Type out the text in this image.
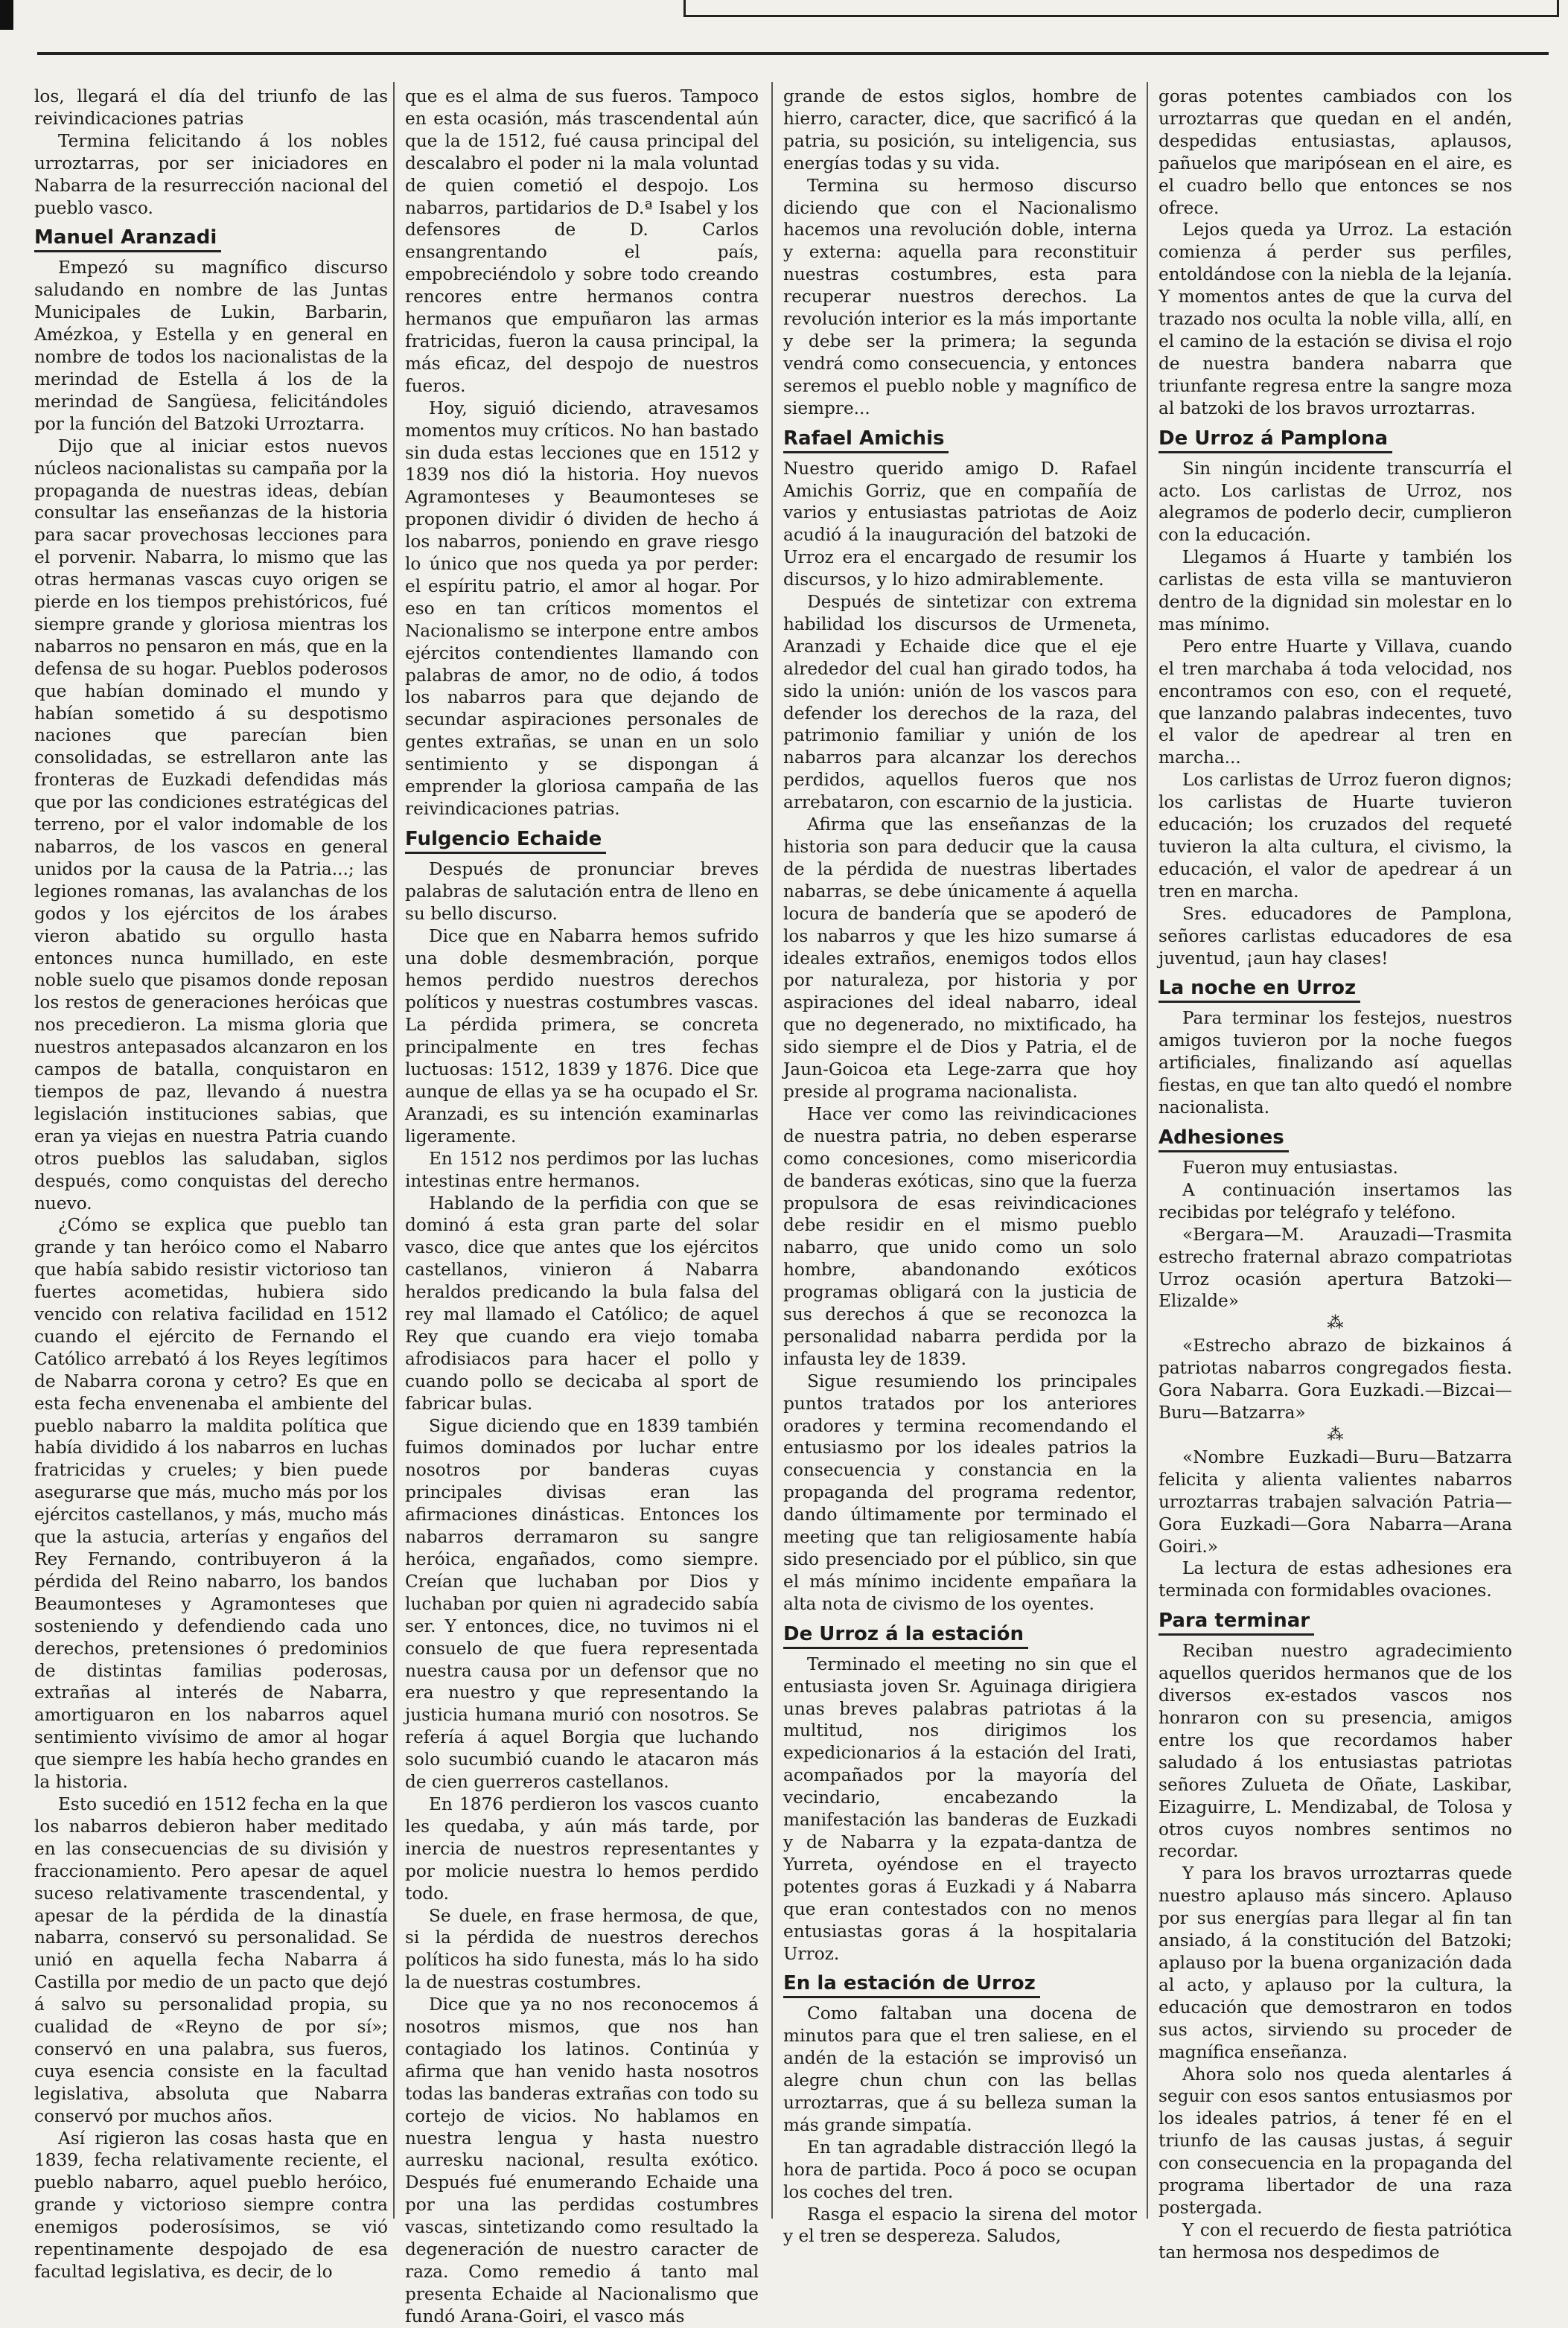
los, llegará el día del triunfo de las reivindicaciones patrias

Termina felicitando á los nobles urroztarras, por ser iniciadores en Nabarra de la resurrección nacional del pueblo vasco.

Manuel Aranzadi

Empezó su magnífico discurso saludando en nombre de las Juntas Municipales de Lukin, Barbarin, Amézkoa, y Estella y en general en nombre de todos los nacionalistas de la merindad de Estella á los de la merindad de Sangüesa, felicitándoles por la función del Batzoki Urroztarra.

Dijo que al iniciar estos nuevos núcleos nacionalistas su campaña por la propaganda de nuestras ideas, debían consultar las enseñanzas de la historia para sacar provechosas lecciones para el porvenir. Nabarra, lo mismo que las otras hermanas vascas cuyo origen se pierde en los tiempos prehistóricos, fué siempre grande y gloriosa mientras los nabarros no pensaron en más, que en la defensa de su hogar. Pueblos poderosos que habían dominado el mundo y habían sometido á su despotismo naciones que parecían bien consolidadas, se estrellaron ante las fronteras de Euzkadi defendidas más que por las condiciones estratégicas del terreno, por el valor indomable de los nabarros, de los vascos en general unidos por la causa de la Patria...; las legiones romanas, las avalanchas de los godos y los ejércitos de los árabes vieron abatido su orgullo hasta entonces nunca humillado, en este noble suelo que pisamos donde reposan los restos de generaciones heróicas que nos precedieron. La misma gloria que nuestros antepasados alcanzaron en los campos de batalla, conquistaron en tiempos de paz, llevando á nuestra legislación instituciones sabias, que eran ya viejas en nuestra Patria cuando otros pueblos las saludaban, siglos después, como conquistas del derecho nuevo.

¿Cómo se explica que pueblo tan grande y tan heróico como el Nabarro que había sabido resistir victorioso tan fuertes acometidas, hubiera sido vencido con relativa facilidad en 1512 cuando el ejército de Fernando el Católico arrebató á los Reyes legítimos de Nabarra corona y cetro? Es que en esta fecha envenenaba el ambiente del pueblo nabarro la maldita política que había dividido á los nabarros en luchas fratricidas y crueles; y bien puede asegurarse que más, mucho más por los ejércitos castellanos, y más, mucho más que la astucia, arterías y engaños del Rey Fernando, contribuyeron á la pérdida del Reino nabarro, los bandos Beaumonteses y Agramonteses que sosteniendo y defendiendo cada uno derechos, pretensiones ó predominios de distintas familias poderosas, extrañas al interés de Nabarra, amortiguaron en los nabarros aquel sentimiento vivísimo de amor al hogar que siempre les había hecho grandes en la historia.

Esto sucedió en 1512 fecha en la que los nabarros debieron haber meditado en las consecuencias de su división y fraccionamiento. Pero apesar de aquel suceso relativamente trascendental, y apesar de la pérdida de la dinastía nabarra, conservó su personalidad. Se unió en aquella fecha Nabarra á Castilla por medio de un pacto que dejó á salvo su personalidad propia, su cualidad de «Reyno de por sí»; conservó en una palabra, sus fueros, cuya esencia consiste en la facultad legislativa, absoluta que Nabarra conservó por muchos años.

Así rigieron las cosas hasta que en 1839, fecha relativamente reciente, el pueblo nabarro, aquel pueblo heróico, grande y victorioso siempre contra enemigos poderosísimos, se vió repentinamente despojado de esa facultad legislativa, es decir, de lo

que es el alma de sus fueros. Tampoco en esta ocasión, más trascendental aún que la de 1512, fué causa principal del descalabro el poder ni la mala voluntad de quien cometió el despojo. Los nabarros, partidarios de D.ª Isabel y los defensores de D. Carlos ensangrentando el país, empobreciéndolo y sobre todo creando rencores entre hermanos contra hermanos que empuñaron las armas fratricidas, fueron la causa principal, la más eficaz, del despojo de nuestros fueros.

Hoy, siguió diciendo, atravesamos momentos muy críticos. No han bastado sin duda estas lecciones que en 1512 y 1839 nos dió la historia. Hoy nuevos Agramonteses y Beaumonteses se proponen dividir ó dividen de hecho á los nabarros, poniendo en grave riesgo lo único que nos queda ya por perder: el espíritu patrio, el amor al hogar. Por eso en tan críticos momentos el Nacionalismo se interpone entre ambos ejércitos contendientes llamando con palabras de amor, no de odio, á todos los nabarros para que dejando de secundar aspiraciones personales de gentes extrañas, se unan en un solo sentimiento y se dispongan á emprender la gloriosa campaña de las reivindicaciones patrias.

Fulgencio Echaide

Después de pronunciar breves palabras de salutación entra de lleno en su bello discurso.

Dice que en Nabarra hemos sufrido una doble desmembración, porque hemos perdido nuestros derechos políticos y nuestras costumbres vascas. La pérdida primera, se concreta principalmente en tres fechas luctuosas: 1512, 1839 y 1876. Dice que aunque de ellas ya se ha ocupado el Sr. Aranzadi, es su intención examinarlas ligeramente.

En 1512 nos perdimos por las luchas intestinas entre hermanos.

Hablando de la perfidia con que se dominó á esta gran parte del solar vasco, dice que antes que los ejércitos castellanos, vinieron á Nabarra heraldos predicando la bula falsa del rey mal llamado el Católico; de aquel Rey que cuando era viejo tomaba afrodisiacos para hacer el pollo y cuando pollo se decicaba al sport de fabricar bulas.

Sigue diciendo que en 1839 también fuimos dominados por luchar entre nosotros por banderas cuyas principales divisas eran las afirmaciones dinásticas. Entonces los nabarros derramaron su sangre heróica, engañados, como siempre. Creían que luchaban por Dios y luchaban por quien ni agradecido sabía ser. Y entonces, dice, no tuvimos ni el consuelo de que fuera representada nuestra causa por un defensor que no era nuestro y que representando la justicia humana murió con nosotros. Se refería á aquel Borgia que luchando solo sucumbió cuando le atacaron más de cien guerreros castellanos.

En 1876 perdieron los vascos cuanto les quedaba, y aún más tarde, por inercia de nuestros representantes y por molicie nuestra lo hemos perdido todo.

Se duele, en frase hermosa, de que, si la pérdida de nuestros derechos políticos ha sido funesta, más lo ha sido la de nuestras costumbres.

Dice que ya no nos reconocemos á nosotros mismos, que nos han contagiado los latinos. Continúa y afirma que han venido hasta nosotros todas las banderas extrañas con todo su cortejo de vicios. No hablamos en nuestra lengua y hasta nuestro aurresku nacional, resulta exótico. Después fué enumerando Echaide una por una las perdidas costumbres vascas, sintetizando como resultado la degeneración de nuestro caracter de raza. Como remedio á tanto mal presenta Echaide al Nacionalismo que fundó Arana-Goiri, el vasco más

grande de estos siglos, hombre de hierro, caracter, dice, que sacrificó á la patria, su posición, su inteligencia, sus energías todas y su vida.

Termina su hermoso discurso diciendo que con el Nacionalismo hacemos una revolución doble, interna y externa: aquella para reconstituir nuestras costumbres, esta para recuperar nuestros derechos. La revolución interior es la más importante y debe ser la primera; la segunda vendrá como consecuencia, y entonces seremos el pueblo noble y magnífico de siempre...

Rafael Amichis

Nuestro querido amigo D. Rafael Amichis Gorriz, que en compañía de varios y entusiastas patriotas de Aoiz acudió á la inauguración del batzoki de Urroz era el encargado de resumir los discursos, y lo hizo admirablemente.

Después de sintetizar con extrema habilidad los discursos de Urmeneta, Aranzadi y Echaide dice que el eje alrededor del cual han girado todos, ha sido la unión: unión de los vascos para defender los derechos de la raza, del patrimonio familiar y unión de los nabarros para alcanzar los derechos perdidos, aquellos fueros que nos arrebataron, con escarnio de la justicia.

Afirma que las enseñanzas de la historia son para deducir que la causa de la pérdida de nuestras libertades nabarras, se debe únicamente á aquella locura de bandería que se apoderó de los nabarros y que les hizo sumarse á ideales extraños, enemigos todos ellos por naturaleza, por historia y por aspiraciones del ideal nabarro, ideal que no degenerado, no mixtificado, ha sido siempre el de Dios y Patria, el de Jaun-Goicoa eta Lege-zarra que hoy preside al programa nacionalista.

Hace ver como las reivindicaciones de nuestra patria, no deben esperarse como concesiones, como misericordia de banderas exóticas, sino que la fuerza propulsora de esas reivindicaciones debe residir en el mismo pueblo nabarro, que unido como un solo hombre, abandonando exóticos programas obligará con la justicia de sus derechos á que se reconozca la personalidad nabarra perdida por la infausta ley de 1839.

Sigue resumiendo los principales puntos tratados por los anteriores oradores y termina recomendando el entusiasmo por los ideales patrios la consecuencia y constancia en la propaganda del programa redentor, dando últimamente por terminado el meeting que tan religiosamente había sido presenciado por el público, sin que el más mínimo incidente empañara la alta nota de civismo de los oyentes.

De Urroz á la estación

Terminado el meeting no sin que el entusiasta joven Sr. Aguinaga dirigiera unas breves palabras patriotas á la multitud, nos dirigimos los expedicionarios á la estación del Irati, acompañados por la mayoría del vecindario, encabezando la manifestación las banderas de Euzkadi y de Nabarra y la ezpata-dantza de Yurreta, oyéndose en el trayecto potentes goras á Euzkadi y á Nabarra que eran contestados con no menos entusiastas goras á la hospitalaria Urroz.

En la estación de Urroz

Como faltaban una docena de minutos para que el tren saliese, en el andén de la estación se improvisó un alegre chun chun con las bellas urroztarras, que á su belleza suman la más grande simpatía.

En tan agradable distracción llegó la hora de partida. Poco á poco se ocupan los coches del tren.

Rasga el espacio la sirena del motor y el tren se despereza. Saludos,

goras potentes cambiados con los urroztarras que quedan en el andén, despedidas entusiastas, aplausos, pañuelos que maripósean en el aire, es el cuadro bello que entonces se nos ofrece.

Lejos queda ya Urroz. La estación comienza á perder sus perfiles, entoldándose con la niebla de la lejanía. Y momentos antes de que la curva del trazado nos oculta la noble villa, allí, en el camino de la estación se divisa el rojo de nuestra bandera nabarra que triunfante regresa entre la sangre moza al batzoki de los bravos urroztarras.

De Urroz á Pamplona

Sin ningún incidente transcurría el acto. Los carlistas de Urroz, nos alegramos de poderlo decir, cumplieron con la educación.

Llegamos á Huarte y también los carlistas de esta villa se mantuvieron dentro de la dignidad sin molestar en lo mas mínimo.

Pero entre Huarte y Villava, cuando el tren marchaba á toda velocidad, nos encontramos con eso, con el requeté, que lanzando palabras indecentes, tuvo el valor de apedrear al tren en marcha...

Los carlistas de Urroz fueron dignos; los carlistas de Huarte tuvieron educación; los cruzados del requeté tuvieron la alta cultura, el civismo, la educación, el valor de apedrear á un tren en marcha.

Sres. educadores de Pamplona, señores carlistas educadores de esa juventud, ¡aun hay clases!

La noche en Urroz

Para terminar los festejos, nuestros amigos tuvieron por la noche fuegos artificiales, finalizando así aquellas fiestas, en que tan alto quedó el nombre nacionalista.

Adhesiones

Fueron muy entusiastas.

A continuación insertamos las recibidas por telégrafo y teléfono.

«Bergara—M. Arauzadi—Trasmita estrecho fraternal abrazo compatriotas Urroz ocasión apertura Batzoki—Elizalde»

⁂

«Estrecho abrazo de bizkainos á patriotas nabarros congregados fiesta. Gora Nabarra. Gora Euzkadi.—Bizcai—Buru—Batzarra»

⁂

«Nombre Euzkadi—Buru—Batzarra felicita y alienta valientes nabarros urroztarras trabajen salvación Patria—Gora Euzkadi—Gora Nabarra—Arana Goiri.»

La lectura de estas adhesiones era terminada con formidables ovaciones.

Para terminar

Reciban nuestro agradecimiento aquellos queridos hermanos que de los diversos ex-estados vascos nos honraron con su presencia, amigos entre los que recordamos haber saludado á los entusiastas patriotas señores Zulueta de Oñate, Laskibar, Eizaguirre, L. Mendizabal, de Tolosa y otros cuyos nombres sentimos no recordar.

Y para los bravos urroztarras quede nuestro aplauso más sincero. Aplauso por sus energías para llegar al fin tan ansiado, á la constitución del Batzoki; aplauso por la buena organización dada al acto, y aplauso por la cultura, la educación que demostraron en todos sus actos, sirviendo su proceder de magnífica enseñanza.

Ahora solo nos queda alentarles á seguir con esos santos entusiasmos por los ideales patrios, á tener fé en el triunfo de las causas justas, á seguir con consecuencia en la propaganda del programa libertador de una raza postergada.

Y con el recuerdo de fiesta patriótica tan hermosa nos despedimos de
